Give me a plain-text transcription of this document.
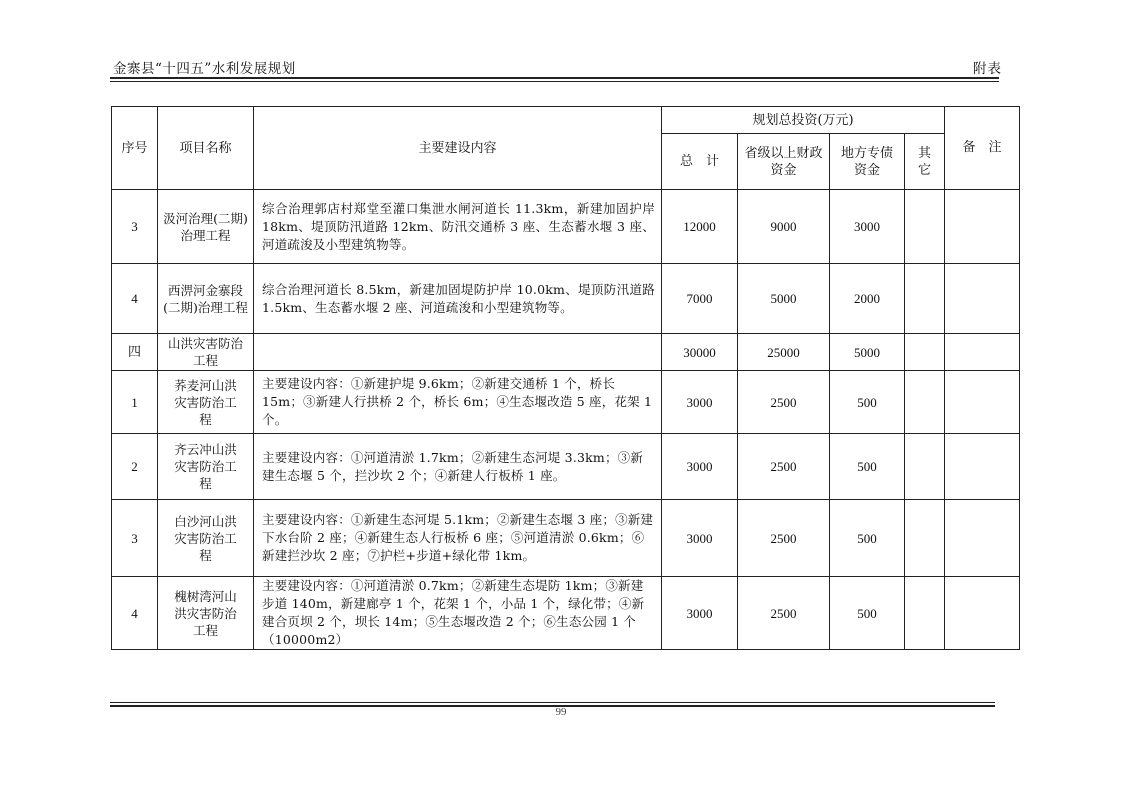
金寨县“十四五”水利发展规划	附表
序号	项目名称	主要建设内容	规划总投资(万元)				备　注
			总　计	省级以上财政资金	地方专债资金	其它	
3	汲河治理(二期)治理工程	综合治理郭店村郑堂至灌口集泄水闸河道长 11.3km，新建加固护岸 18km、堤顶防汛道路 12km、防汛交通桥 3 座、生态蓄水堰 3 座、河道疏浚及小型建筑物等。	12000	9000	3000		
4	西淠河金寨段(二期)治理工程	综合治理河道长 8.5km，新建加固堤防护岸 10.0km、堤顶防汛道路 1.5km、生态蓄水堰 2 座、河道疏浚和小型建筑物等。	7000	5000	2000		
四	山洪灾害防治工程		30000	25000	5000		
1	荞麦河山洪灾害防治工程	主要建设内容：①新建护堤 9.6km；②新建交通桥 1 个，桥长 15m；③新建人行拱桥 2 个，桥长 6m；④生态堰改造 5 座，花架 1 个。	3000	2500	500		
2	齐云冲山洪灾害防治工程	主要建设内容：①河道清淤 1.7km；②新建生态河堤 3.3km；③新建生态堰 5 个，拦沙坎 2 个；④新建人行板桥 1 座。	3000	2500	500		
3	白沙河山洪灾害防治工程	主要建设内容：①新建生态河堤 5.1km；②新建生态堰 3 座；③新建下水台阶 2 座；④新建生态人行板桥 6 座；⑤河道清淤 0.6km；⑥新建拦沙坎 2 座；⑦护栏+步道+绿化带 1km。	3000	2500	500		
4	槐树湾河山洪灾害防治工程	主要建设内容：①河道清淤 0.7km；②新建生态堤防 1km；③新建步道 140m，新建廊亭 1 个，花架 1 个，小品 1 个，绿化带；④新建合页坝 2 个，坝长 14m；⑤生态堰改造 2 个；⑥生态公园 1 个（10000m2）	3000	2500	500		
99
